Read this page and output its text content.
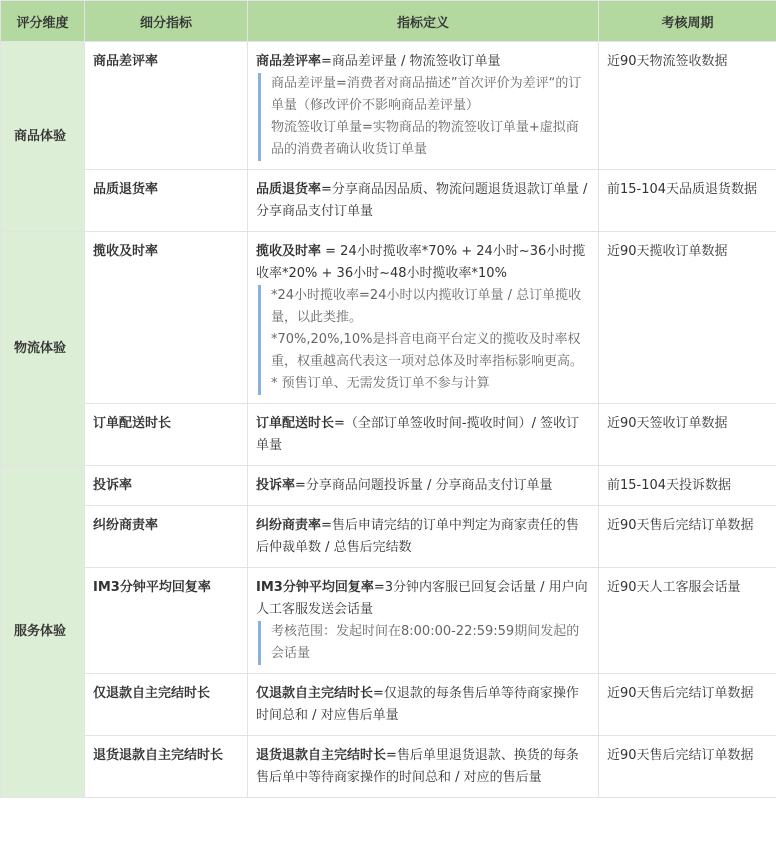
评分维度	细分指标	指标定义	考核周期
商品体验	商品差评率	商品差评率=商品差评量 / 物流签收订单量
商品差评量=消费者对商品描述”首次评价为差评“的订单量（修改评价不影响商品差评量）
物流签收订单量=实物商品的物流签收订单量+虚拟商品的消费者确认收货订单量	近90天物流签收数据
	品质退货率	品质退货率=分享商品因品质、物流问题退货退款订单量 / 分享商品支付订单量	前15-104天品质退货数据
物流体验	揽收及时率	揽收及时率 = 24小时揽收率*70% + 24小时~36小时揽收率*20% + 36小时~48小时揽收率*10%
*24小时揽收率=24小时以内揽收订单量 / 总订单揽收量，以此类推。
*70%,20%,10%是抖音电商平台定义的揽收及时率权重，权重越高代表这一项对总体及时率指标影响更高。
* 预售订单、无需发货订单不参与计算	近90天揽收订单数据
	订单配送时长	订单配送时长=（全部订单签收时间-揽收时间）/ 签收订单量	近90天签收订单数据
服务体验	投诉率	投诉率=分享商品问题投诉量 / 分享商品支付订单量	前15-104天投诉数据
	纠纷商责率	纠纷商责率=售后申请完结的订单中判定为商家责任的售后仲裁单数 / 总售后完结数	近90天售后完结订单数据
	IM3分钟平均回复率	IM3分钟平均回复率=3分钟内客服已回复会话量 / 用户向人工客服发送会话量
考核范围：发起时间在8:00:00-22:59:59期间发起的会话量	近90天人工客服会话量
	仅退款自主完结时长	仅退款自主完结时长=仅退款的每条售后单等待商家操作时间总和 / 对应售后单量	近90天售后完结订单数据
	退货退款自主完结时长	退货退款自主完结时长=售后单里退货退款、换货的每条售后单中等待商家操作的时间总和 / 对应的售后量	近90天售后完结订单数据
